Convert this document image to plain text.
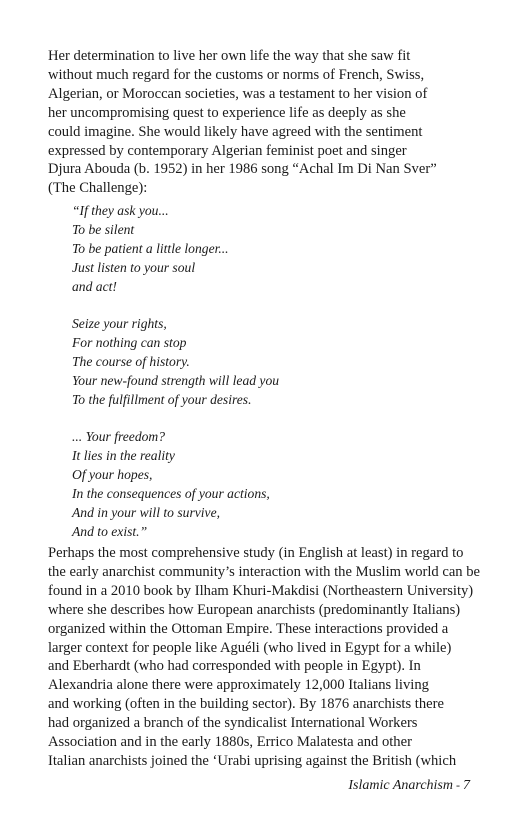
Her determination to live her own life the way that she saw fit
without much regard for the customs or norms of French, Swiss,
Algerian, or Moroccan societies, was a testament to her vision of
her uncompromising quest to experience life as deeply as she
could imagine. She would likely have agreed with the sentiment
expressed by contemporary Algerian feminist poet and singer
Djura Abouda (b. 1952) in her 1986 song “Achal Im Di Nan Sver”
(The Challenge):

“If they ask you...
To be silent
To be patient a little longer...
Just listen to your soul
and act!
Seize your rights,
For nothing can stop
The course of history.
Your new-found strength will lead you
To the fulfillment of your desires.
... Your freedom?
It lies in the reality
Of your hopes,
In the consequences of your actions,
And in your will to survive,
And to exist.”

Perhaps the most comprehensive study (in English at least) in regard to
the early anarchist community’s interaction with the Muslim world can be
found in a 2010 book by Ilham Khuri-Makdisi (Northeastern University)
where she describes how European anarchists (predominantly Italians)
organized within the Ottoman Empire. These interactions provided a
larger context for people like Aguéli (who lived in Egypt for a while)
and Eberhardt (who had corresponded with people in Egypt). In
Alexandria alone there were approximately 12,000 Italians living
and working (often in the building sector). By 1876 anarchists there
had organized a branch of the syndicalist International Workers
Association and in the early 1880s, Errico Malatesta and other
Italian anarchists joined the ‘Urabi uprising against the British (which

Islamic Anarchism - 7
